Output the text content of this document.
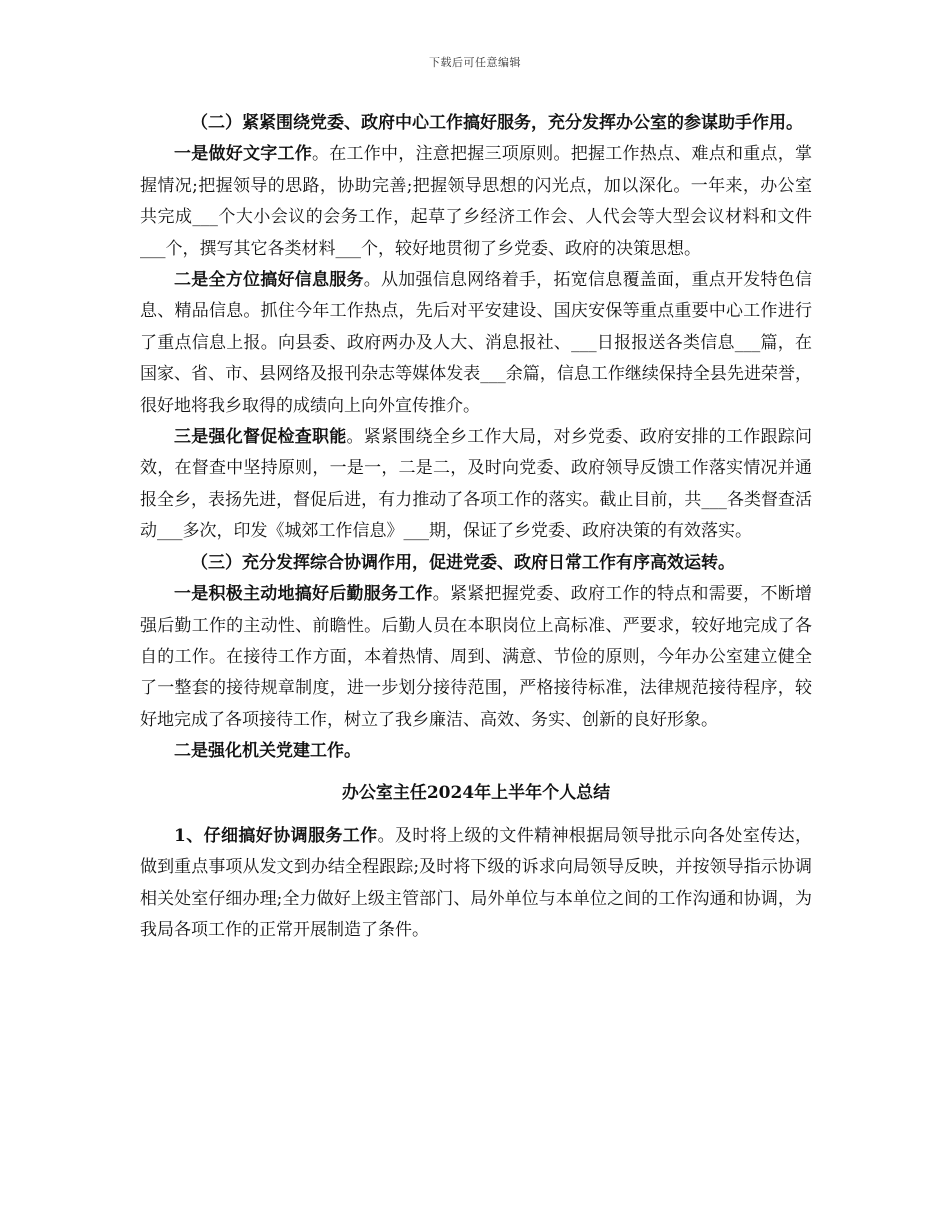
下载后可任意编辑

（二）紧紧围绕党委、政府中心工作搞好服务，充分发挥办公室的参谋助手作用。

一是做好文字工作。在工作中，注意把握三项原则。把握工作热点、难点和重点，掌握情况;把握领导的思路，协助完善;把握领导思想的闪光点，加以深化。一年来，办公室共完成___个大小会议的会务工作，起草了乡经济工作会、人代会等大型会议材料和文件___个，撰写其它各类材料___个，较好地贯彻了乡党委、政府的决策思想。

二是全方位搞好信息服务。从加强信息网络着手，拓宽信息覆盖面，重点开发特色信息、精品信息。抓住今年工作热点，先后对平安建设、国庆安保等重点重要中心工作进行了重点信息上报。向县委、政府两办及人大、消息报社、___日报报送各类信息___篇，在国家、省、市、县网络及报刊杂志等媒体发表___余篇，信息工作继续保持全县先进荣誉，很好地将我乡取得的成绩向上向外宣传推介。

三是强化督促检查职能。紧紧围绕全乡工作大局，对乡党委、政府安排的工作跟踪问效，在督查中坚持原则，一是一，二是二，及时向党委、政府领导反馈工作落实情况并通报全乡，表扬先进，督促后进，有力推动了各项工作的落实。截止目前，共___各类督查活动___多次，印发《城郊工作信息》___期，保证了乡党委、政府决策的有效落实。

（三）充分发挥综合协调作用，促进党委、政府日常工作有序高效运转。

一是积极主动地搞好后勤服务工作。紧紧把握党委、政府工作的特点和需要，不断增强后勤工作的主动性、前瞻性。后勤人员在本职岗位上高标准、严要求，较好地完成了各自的工作。在接待工作方面，本着热情、周到、满意、节俭的原则，今年办公室建立健全了一整套的接待规章制度，进一步划分接待范围，严格接待标准，法律规范接待程序，较好地完成了各项接待工作，树立了我乡廉洁、高效、务实、创新的良好形象。

二是强化机关党建工作。

办公室主任2024年上半年个人总结

1、仔细搞好协调服务工作。及时将上级的文件精神根据局领导批示向各处室传达，做到重点事项从发文到办结全程跟踪;及时将下级的诉求向局领导反映，并按领导指示协调相关处室仔细办理;全力做好上级主管部门、局外单位与本单位之间的工作沟通和协调，为我局各项工作的正常开展制造了条件。
